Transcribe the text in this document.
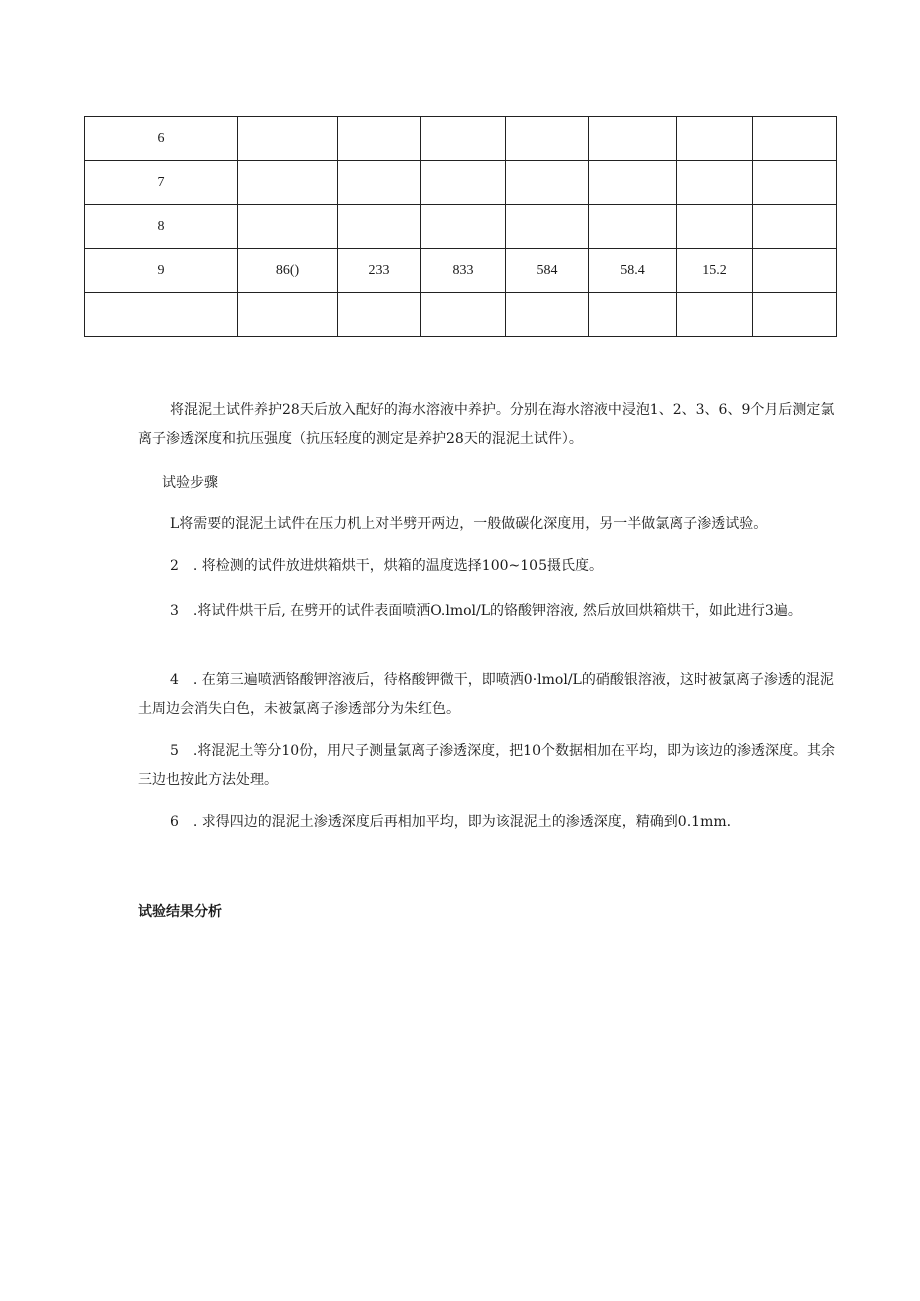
6							
7							
8							
9	86()	233	833	584	58.4	15.2	

将混泥土试件养护28天后放入配好的海水溶液中养护。分别在海水溶液中浸泡1、2、3、6、9个月后测定氯离子渗透深度和抗压强度（抗压轻度的测定是养护28天的混泥土试件）。

试验步骤

L将需要的混泥土试件在压力机上对半劈开两边，一般做碳化深度用，另一半做氯离子渗透试验。

2　. 将检测的试件放进烘箱烘干，烘箱的温度选择100~105摄氏度。

3　.将试件烘干后, 在劈开的试件表面喷洒O.lmol/L的铬酸钾溶液, 然后放回烘箱烘干，如此进行3遍。

4　. 在第三遍喷洒铬酸钾溶液后，待格酸钾微干，即喷洒0·lmol/L的硝酸银溶液，这时被氯离子渗透的混泥土周边会消失白色，未被氯离子渗透部分为朱红色。

5　.将混泥土等分10份，用尺子测量氯离子渗透深度，把10个数据相加在平均，即为该边的渗透深度。其余三边也按此方法处理。

6　. 求得四边的混泥土渗透深度后再相加平均，即为该混泥土的渗透深度，精确到0.1mm.

试验结果分析
